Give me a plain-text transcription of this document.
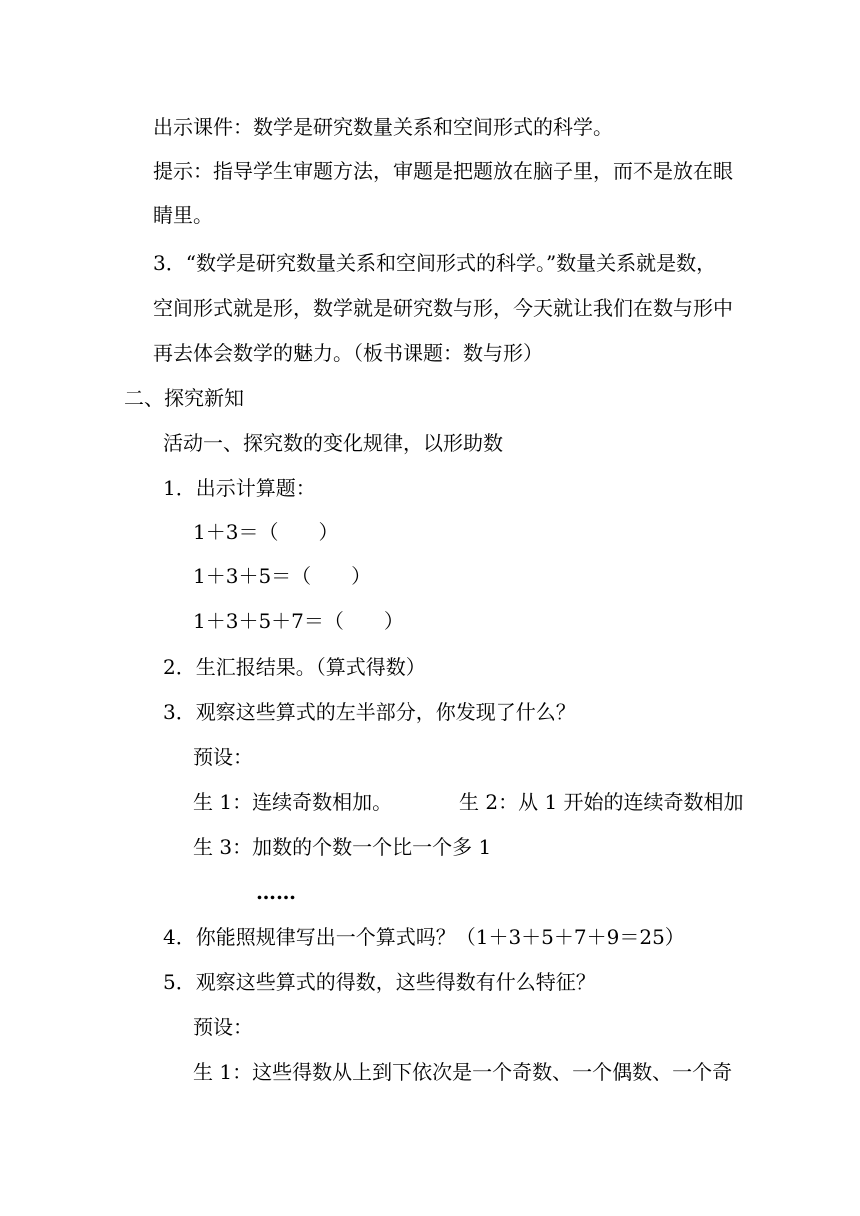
出示课件：数学是研究数量关系和空间形式的科学。
提示：指导学生审题方法，审题是把题放在脑子里，而不是放在眼
睛里。
3．“数学是研究数量关系和空间形式的科学。”数量关系就是数，
空间形式就是形，数学就是研究数与形，今天就让我们在数与形中
再去体会数学的魅力。（板书课题：数与形）
二、探究新知
活动一、探究数的变化规律，以形助数
1．出示计算题：
1＋3＝（　　）
1＋3＋5＝（　　）
1＋3＋5＋7＝（　　）
2．生汇报结果。（算式得数）
3．观察这些算式的左半部分，你发现了什么？
预设：
生 1：连续奇数相加。	生 2：从 1 开始的连续奇数相加
生 3：加数的个数一个比一个多 1
……
4．你能照规律写出一个算式吗？（1＋3＋5＋7＋9＝25）
5．观察这些算式的得数，这些得数有什么特征？
预设：
生 1：这些得数从上到下依次是一个奇数、一个偶数、一个奇
